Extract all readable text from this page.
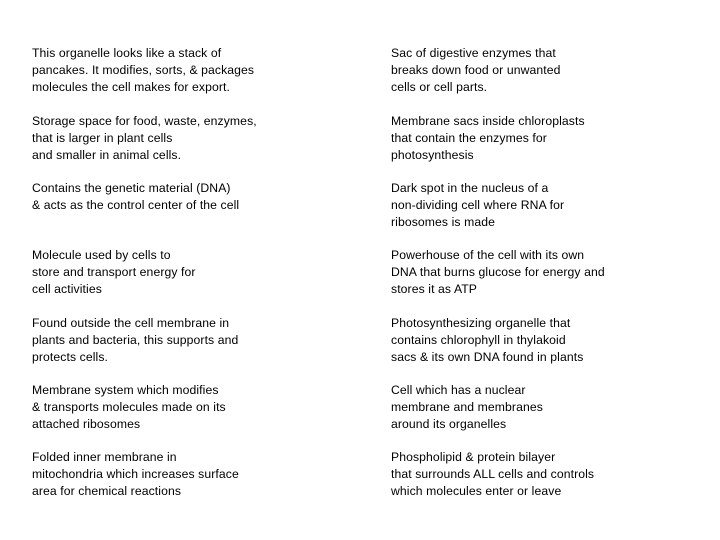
This organelle looks like a stack of
pancakes. It modifies, sorts, & packages
molecules the cell makes for export.
Storage space for food, waste, enzymes,
that is larger in plant cells
and smaller in animal cells.
Contains the genetic material (DNA)
& acts as the control center of the cell
Molecule used by cells to
store and transport energy for
cell activities
Found outside the cell membrane in
plants and bacteria, this supports and
protects cells.
Membrane system which modifies
& transports molecules made on its
attached ribosomes
Folded inner membrane in
mitochondria which increases surface
area for chemical reactions
Sac of digestive enzymes that
breaks down food or unwanted
cells or cell parts.
Membrane sacs inside chloroplasts
that contain the enzymes for
photosynthesis
Dark spot in the nucleus of a
non-dividing cell where RNA for
ribosomes is made
Powerhouse of the cell with its own
DNA that burns glucose for energy and
stores it as ATP
Photosynthesizing organelle that
contains chlorophyll in thylakoid
sacs & its own DNA found in plants
Cell which has a nuclear
membrane and membranes
around its organelles
Phospholipid & protein bilayer
that surrounds ALL cells and controls
which molecules enter or leave
